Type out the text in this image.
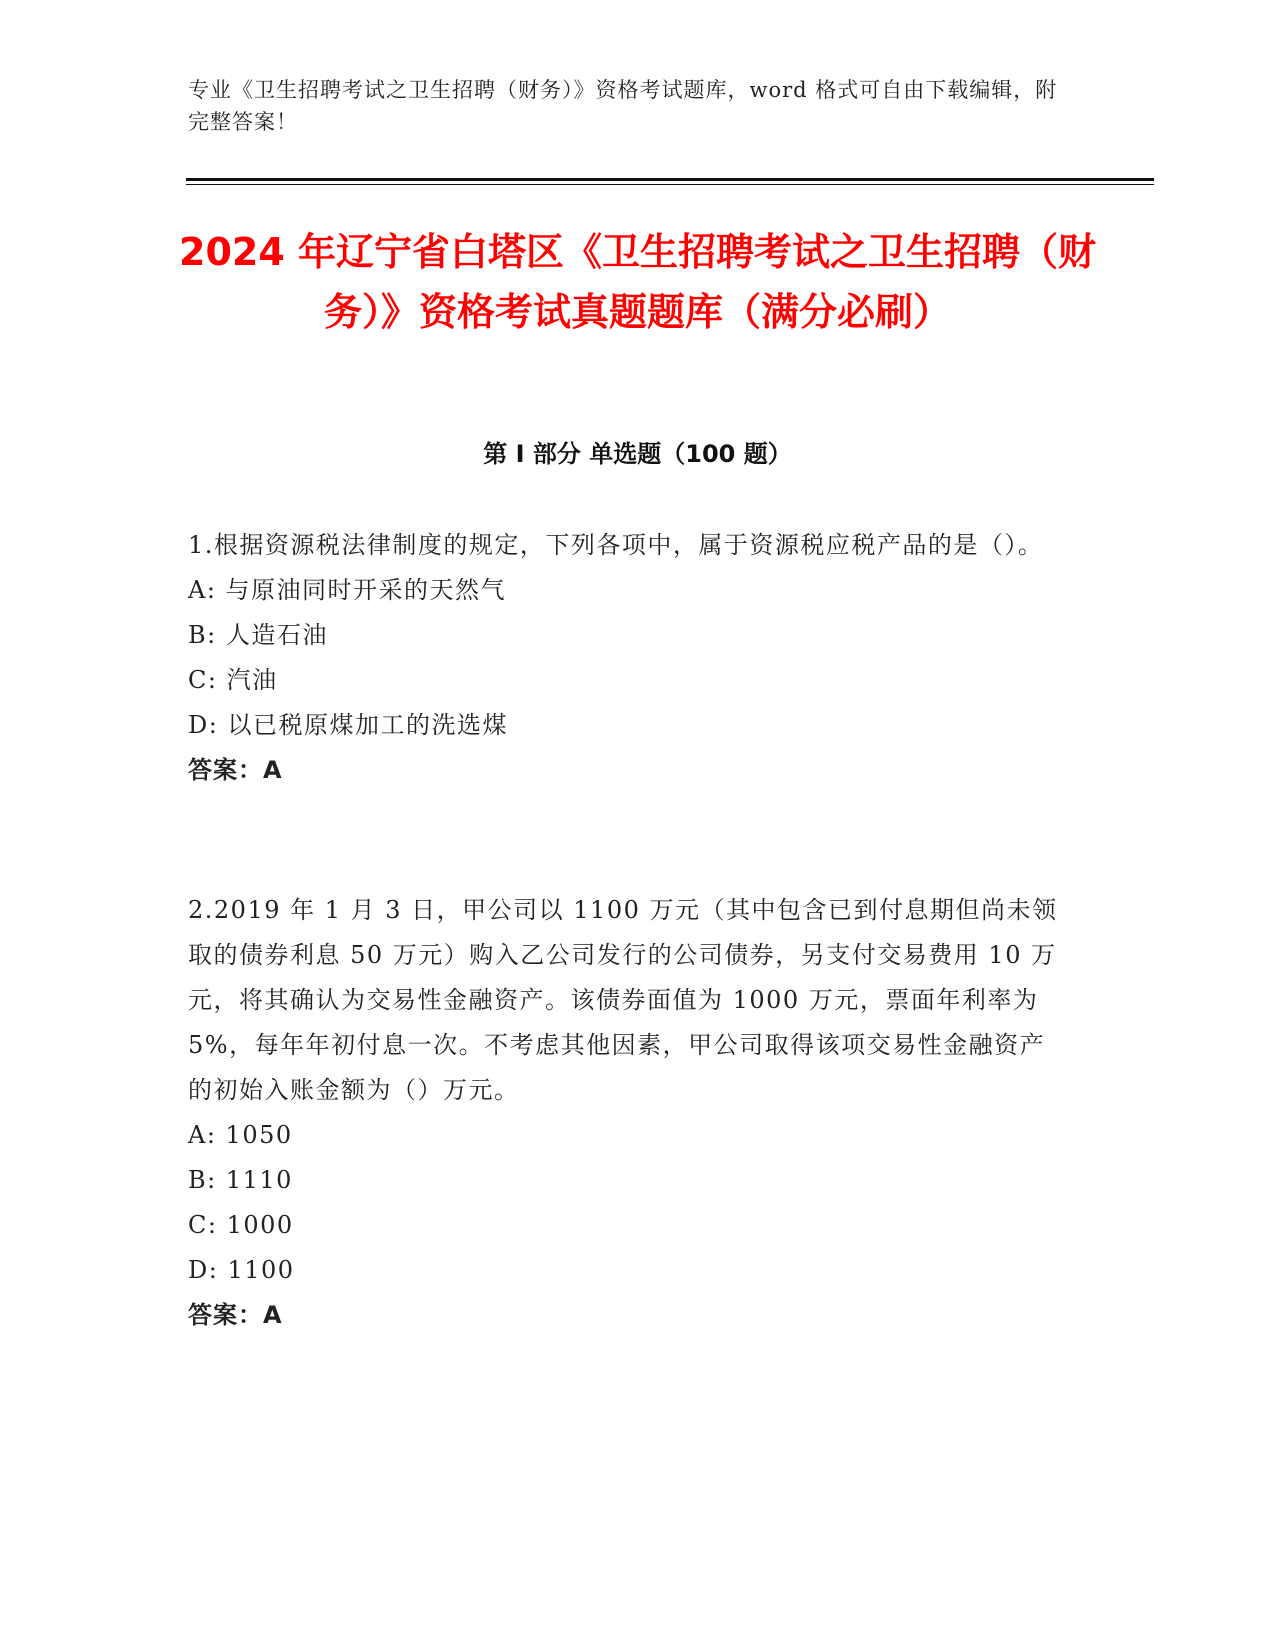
专业《卫生招聘考试之卫生招聘（财务）》资格考试题库，word 格式可自由下载编辑，附完整答案！
2024 年辽宁省白塔区《卫生招聘考试之卫生招聘（财务）》资格考试真题题库（满分必刷）
第 I 部分 单选题（100 题）
1.根据资源税法律制度的规定，下列各项中，属于资源税应税产品的是（）。
A: 与原油同时开采的天然气
B: 人造石油
C: 汽油
D: 以已税原煤加工的洗选煤
答案：A
2.2019 年 1 月 3 日，甲公司以 1100 万元（其中包含已到付息期但尚未领取的债券利息 50 万元）购入乙公司发行的公司债券，另支付交易费用 10 万元，将其确认为交易性金融资产。该债券面值为 1000 万元，票面年利率为 5%，每年年初付息一次。不考虑其他因素，甲公司取得该项交易性金融资产的初始入账金额为（）万元。
A: 1050
B: 1110
C: 1000
D: 1100
答案：A
